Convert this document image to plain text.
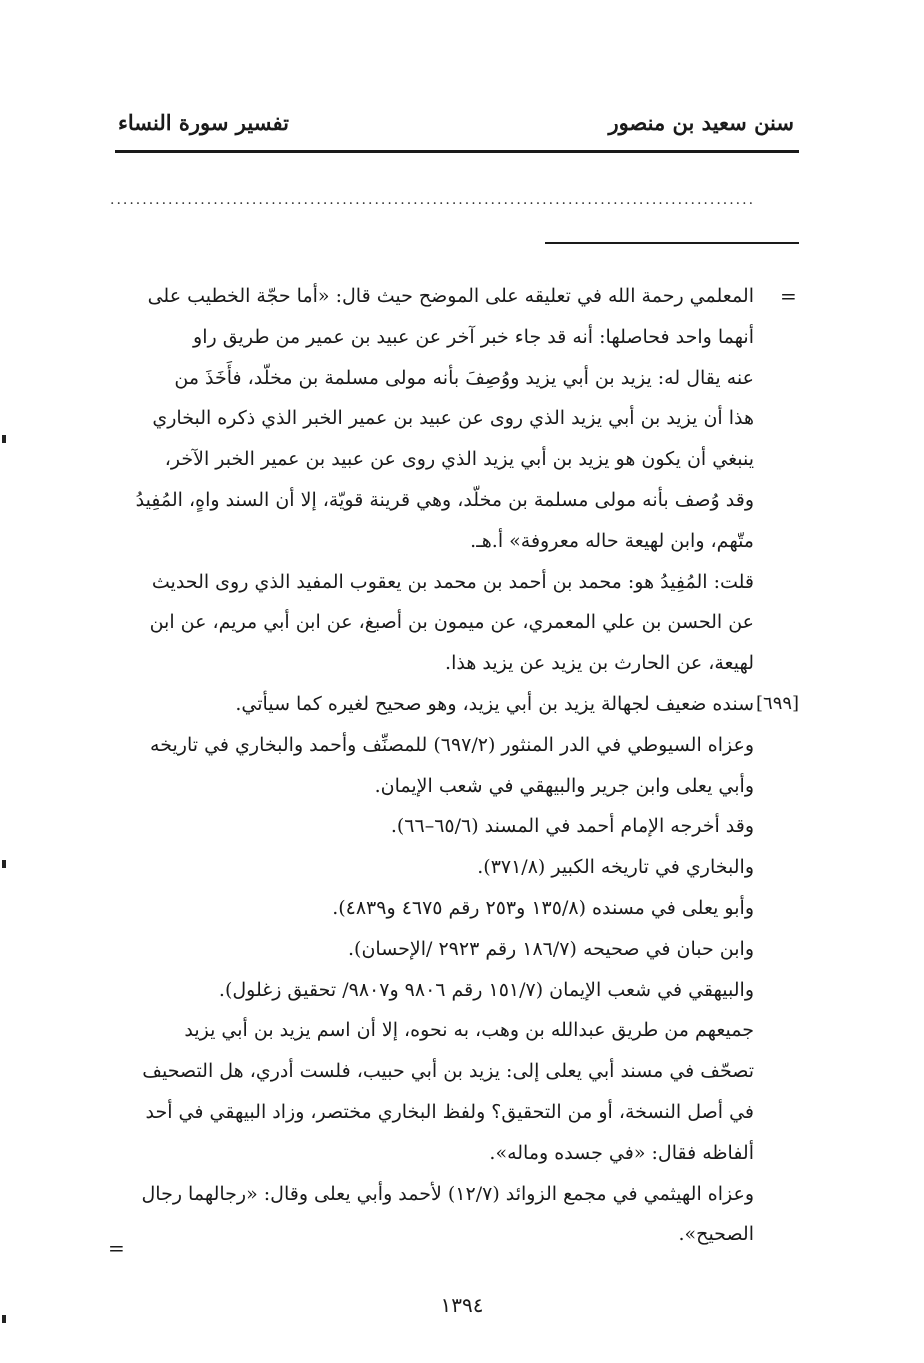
سنن سعيد بن منصور
تفسير سورة النساء
....................................................................................................
=
[٦٩٩]
=
المعلمي رحمة الله في تعليقه على الموضح حيث قال: «أما حجّة الخطيب على
أنهما واحد فحاصلها: أنه قد جاء خبر آخر عن عبيد بن عمير من طريق راو
عنه يقال له: يزيد بن أبي يزيد ووُصِفَ بأنه مولى مسلمة بن مخلّد، فأَخَذَ من
هذا أن يزيد بن أبي يزيد الذي روى عن عبيد بن عمير الخبر الذي ذكره البخاري
ينبغي أن يكون هو يزيد بن أبي يزيد الذي روى عن عبيد بن عمير الخبر الآخر،
وقد وُصف بأنه مولى مسلمة بن مخلّد، وهي قرينة قويّة، إلا أن السند واهٍ، المُفِيدُ
متّهم، وابن لهيعة حاله معروفة» أ.هـ.
قلت: المُفِيدُ هو: محمد بن أحمد بن محمد بن يعقوب المفيد الذي روى الحديث
عن الحسن بن علي المعمري، عن ميمون بن أصبغ، عن ابن أبي مريم، عن ابن
لهيعة، عن الحارث بن يزيد عن يزيد هذا.
سنده ضعيف لجهالة يزيد بن أبي يزيد، وهو صحيح لغيره كما سيأتي.
وعزاه السيوطي في الدر المنثور (٦٩٧/٢) للمصنِّف وأحمد والبخاري في تاريخه
وأبي يعلى وابن جرير والبيهقي في شعب الإيمان.
وقد أخرجه الإمام أحمد في المسند (٦٥/٦–٦٦).
والبخاري في تاريخه الكبير (٣٧١/٨).
وأبو يعلى في مسنده (١٣٥/٨ و٢٥٣ رقم ٤٦٧٥ و٤٨٣٩).
وابن حبان في صحيحه (١٨٦/٧ رقم ٢٩٢٣ /الإحسان).
والبيهقي في شعب الإيمان (١٥١/٧ رقم ٩٨٠٦ و٩٨٠٧/ تحقيق زغلول).
جميعهم من طريق عبدالله بن وهب، به نحوه، إلا أن اسم يزيد بن أبي يزيد
تصحّف في مسند أبي يعلى إلى: يزيد بن أبي حبيب، فلست أدري، هل التصحيف
في أصل النسخة، أو من التحقيق؟ ولفظ البخاري مختصر، وزاد البيهقي في أحد
ألفاظه فقال: «في جسده وماله».
وعزاه الهيثمي في مجمع الزوائد (١٢/٧) لأحمد وأبي يعلى وقال: «رجالهما رجال
الصحيح».
١٣٩٤
